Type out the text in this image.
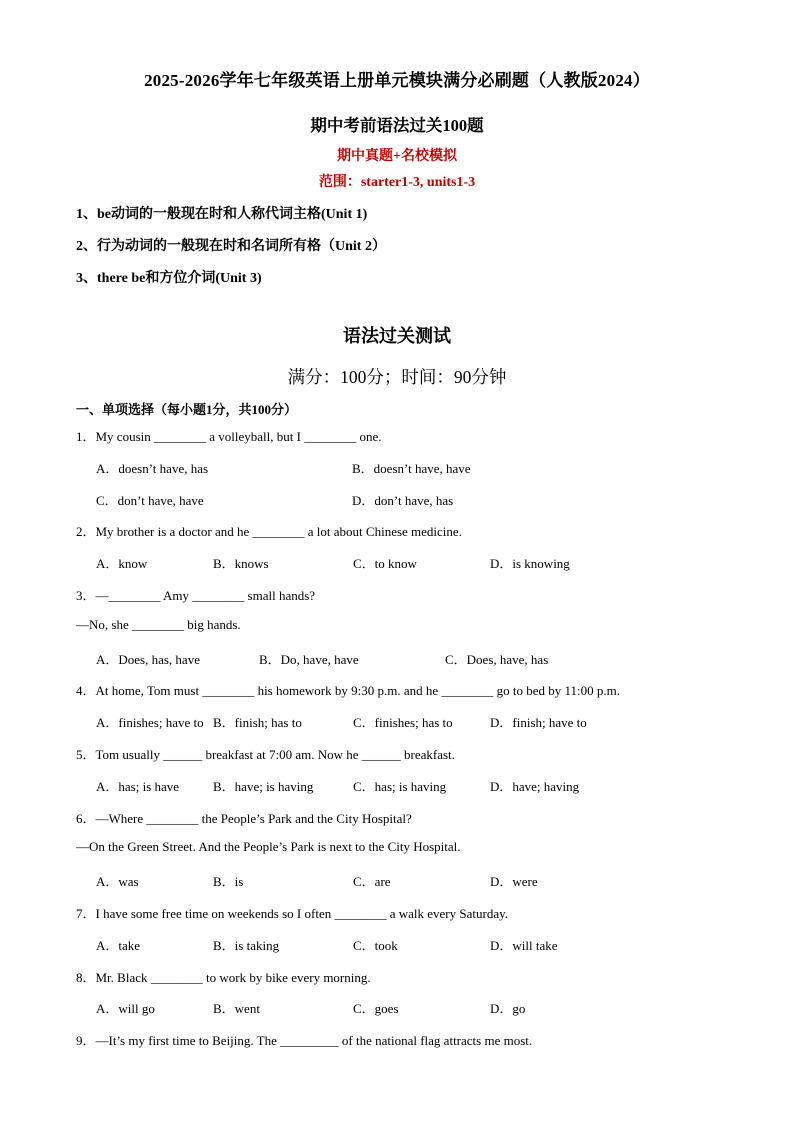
2025-2026学年七年级英语上册单元模块满分必刷题（人教版2024）
期中考前语法过关100题
期中真题+名校模拟
范围：starter1-3, units1-3
1、be动词的一般现在时和人称代词主格(Unit 1)
2、行为动词的一般现在时和名词所有格（Unit 2）
3、there be和方位介词(Unit 3)
语法过关测试
满分：100分；时间：90分钟
一、单项选择（每小题1分，共100分）
1．My cousin ________ a volleyball, but I ________ one.
A．doesn’t have, has	B．doesn’t have, have
C．don’t have, have	D．don’t have, has
2．My brother is a doctor and he ________ a lot about Chinese medicine.
A．know	B．knows	C．to know	D．is knowing
3．—________ Amy ________ small hands?
—No, she ________ big hands.
A．Does, has, have	B．Do, have, have	C．Does, have, has
4．At home, Tom must ________ his homework by 9:30 p.m. and he ________ go to bed by 11:00 p.m.
A．finishes; have to B．finish; has to	C．finishes; has to	D．finish; have to
5．Tom usually ______ breakfast at 7:00 am. Now he ______ breakfast.
A．has; is have	B．have; is having	C．has; is having	D．have; having
6．—Where ________ the People’s Park and the City Hospital?
—On the Green Street. And the People’s Park is next to the City Hospital.
A．was	B．is	C．are	D．were
7．I have some free time on weekends so I often ________ a walk every Saturday.
A．take	B．is taking	C．took	D．will take
8．Mr. Black ________ to work by bike every morning.
A．will go	B．went	C．goes	D．go
9．—It’s my first time to Beijing. The _________ of the national flag attracts me most.
